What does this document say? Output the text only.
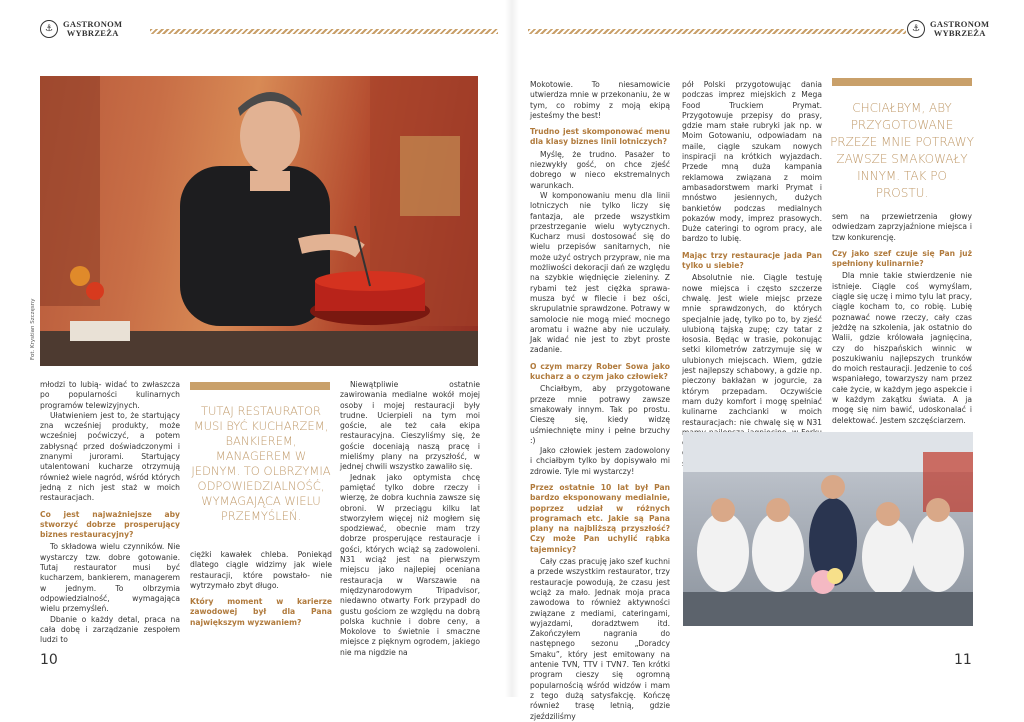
10

młodzi to lubią- widać to zwłaszcza po popularności kulinarnych programów telewizyjnych.

Ułatwieniem jest to, że startujący zna wcześniej produkty, może wcześniej poćwiczyć, a potem zabłysnąć przed doświadczonymi i znanymi jurorami. Startujący utalentowani kucharze otrzymują również wiele nagród, wśród których jedną z nich jest staż w moich restauracjach.

Co jest najważniejsze aby stworzyć dobrze prosperujący biznes restauracyjny?

To składowa wielu czynników. Nie wystarczy tzw. dobre gotowanie. Tutaj restaurator musi być kucharzem, bankierem, managerem w jednym. To olbrzymia odpowiedzialność, wymagająca wielu przemyśleń.

Dbanie o każdy detal, praca na cała dobę i zarządzanie zespołem ludzi to

TUTAJ RESTAURATOR MUSI BYĆ KUCHARZEM, BANKIEREM, MANAGEREM W JEDNYM. TO OLBRZYMIA ODPOWIEDZIALNOŚĆ, WYMAGAJĄCA WIELU PRZEMYŚLEŃ.

ciężki kawałek chleba. Poniekąd dlatego ciągle widzimy jak wiele restauracji, które powstało- nie wytrzymało zbyt długo.

Który moment w karierze zawodowej był dla Pana największym wyzwaniem?

Niewątpliwie ostatnie zawirowania medialne wokół mojej osoby i mojej restauracji były trudne. Ucierpieli na tym moi goście, ale też cała ekipa restauracyjna. Cieszyliśmy się, że goście doceniają naszą pracę i mieliśmy plany na przyszłość, w jednej chwili wszystko zawaliło się.

Jednak jako optymista chcę pamiętać tylko dobre rzeczy i wierzę, że dobra kuchnia zawsze się obroni. W przeciągu kilku lat stworzyłem więcej niż mogłem się spodziewać, obecnie mam trzy dobrze prosperujące restauracje i gości, których wciąż są zadowoleni. N31 wciąż jest na pierwszym miejscu jako najlepiej oceniana restauracja w Warszawie na międzynarodowym Tripadvisor, niedawno otwarty Fork przypadł do gustu gościom ze względu na dobrą polska kuchnie i dobre ceny, a Mokolove to świetnie i smaczne miejsce z pięknym ogrodem, jakiego nie ma nigdzie na	11

Mokotowie. To niesamowicie utwierdza mnie w przekonaniu, że w tym, co robimy z moją ekipą jesteśmy the best!

Trudno jest skomponować menu dla klasy biznes linii lotniczych?

Myślę, że trudno. Pasażer to niezwykły gość, on chce zjeść dobrego w nieco ekstremalnych warunkach.

W komponowaniu menu dla linii lotniczych nie tylko liczy się fantazja, ale przede wszystkim przestrzeganie wielu wytycznych. Kucharz musi dostosować się do wielu przepisów sanitarnych, nie może użyć ostrych przypraw, nie ma możliwości dekoracji dań ze względu na szybkie więdnięcie zieleniny. Z rybami też jest ciężka sprawa- musza być w filecie i bez ości, skrupulatnie sprawdzone. Potrawy w samolocie nie mogą mieć mocnego aromatu i ważne aby nie uczulały. Jak widać nie jest to zbyt proste zadanie.

O czym marzy Rober Sowa jako kucharz a o czym jako człowiek?

Chciałbym, aby przygotowane przeze mnie potrawy zawsze smakowały innym. Tak po prostu. Cieszę się, kiedy widzę uśmiechnięte miny i pełne brzuchy :)

Jako człowiek jestem zadowolony i chciałbym tylko by dopisywało mi zdrowie. Tyle mi wystarczy!

Przez ostatnie 10 lat był Pan bardzo eksponowany medialnie, poprzez udział w różnych programach etc. Jakie są Pana plany na najbliższą przyszłość? Czy może Pan uchylić rąbka tajemnicy?

Cały czas pracuję jako szef kuchni a przede wszystkim restaurator, trzy restauracje powodują, że czasu jest wciąż za mało. Jednak moja praca zawodowa to również aktywności związane z mediami, cateringami, wyjazdami, doradztwem itd. Zakończyłem nagrania do następnego sezonu „Doradcy Smaku”, który jest emitowany na antenie TVN, TTV i TVN7. Ten krótki program cieszy się ogromną popularnością wśród widzów i mam z tego dużą satysfakcję. Kończę również trasę letnią, gdzie zjeździliśmy

pół Polski przygotowując dania podczas imprez miejskich z Mega Food Truckiem Prymat. Przygotowuje przepisy do prasy, gdzie mam stałe rubryki jak np. w Moim Gotowaniu, odpowiadam na maile, ciągle szukam nowych inspiracji na krótkich wyjazdach. Przede mną duża kampania reklamowa związana z moim ambasadorstwem marki Prymat i mnóstwo jesiennych, dużych bankietów podczas medialnych pokazów mody, imprez prasowych. Duże cateringi to ogrom pracy, ale bardzo to lubię.

Mając trzy restauracje jada Pan tylko u siebie?

Absolutnie nie. Ciągle testuję nowe miejsca i często szczerze chwalę. Jest wiele miejsc przeze mnie sprawdzonych, do których specjalnie jadę, tylko po to, by zjeść ulubioną tajską zupę; czy tatar z łososia. Będąc w trasie, pokonując setki kilometrów zatrzymuje się w ulubionych miejscach. Wiem, gdzie jest najlepszy schabowy, a gdzie np. pieczony bakłażan w jogurcie, za którym przepadam. Oczywiście mam duży komfort i mogę spełniać kulinarne zachcianki w moich restauracjach: nie chwalę się w N31

CHCIAŁBYM, ABY PRZYGOTOWANE PRZEZE MNIE POTRAWY ZAWSZE SMAKOWAŁY INNYM. TAK PO PROSTU.

sem na przewietrzenia głowy odwiedzam zaprzyjaźnione miejsca i tzw konkurencję.

Czy jako szef czuje się Pan już spełniony kulinarnie?

Dla mnie takie stwierdzenie nie istnieje. Ciągle coś wymyślam, ciągle się uczę i mimo tylu lat pracy, ciągle kocham to, co robię. Lubię poznawać nowe rzeczy, cały czas jeżdżę na szkolenia, jak ostatnio do Walii, gdzie królowała jagnięcina, czy do hiszpańskich winnic w poszukiwaniu najlepszych trunków do moich restauracji. Jedzenie to coś wspaniałego, towarzyszy nam przez całe życie, w każdym jego aspekcie i w każdym zakątku świata. A ja mogę się nim bawić, udoskonalać i delektować. Jestem szczęściarzem.

⚓	GASTRONOM
WYBRZEŻA	⚓	GASTRONOM
WYBRZEŻA
Fot. Krystian Szczęsny
